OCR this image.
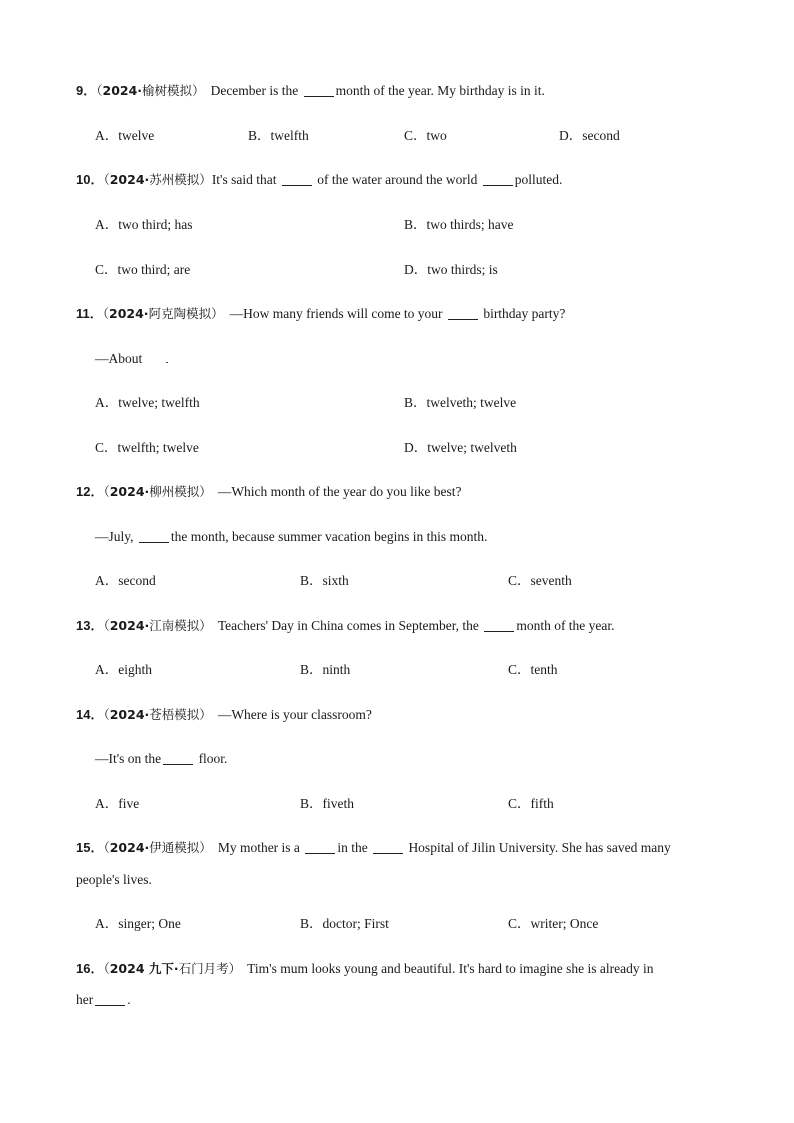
9．（2024·榆树模拟） December is the	month of the year. My birthday is in it.
A．twelve	B．twelfth	C．two	D．second
10．（2024·苏州模拟）It's said that	of the water around the world	polluted.
A．two third; has	B．two thirds; have
C．two third; are	D．two thirds; is
11．（2024·阿克陶模拟） —How many friends will come to your	birthday party?
—About
A．twelve; twelfth	B．twelveth; twelve
C．twelfth; twelve	D．twelve; twelveth
12．（2024·柳州模拟） —Which month of the year do you like best?
—July,	the month, because summer vacation begins in this month.
A．second	B．sixth	C．seventh
13．（2024·江南模拟） Teachers' Day in China comes in September, the	month of the year.
A．eighth	B．ninth	C．tenth
14．（2024·苍梧模拟） —Where is your classroom?
—It's on the	floor.
A．five	B．fiveth	C．fifth
15．（2024·伊通模拟） My mother is a	in the	Hospital of Jilin University. She has saved many
people's lives.
A．singer; One	B．doctor; First	C．writer; Once
16．（2024 九下·石门月考） Tim's mum looks young and beautiful. It's hard to imagine she is already in
her	.
